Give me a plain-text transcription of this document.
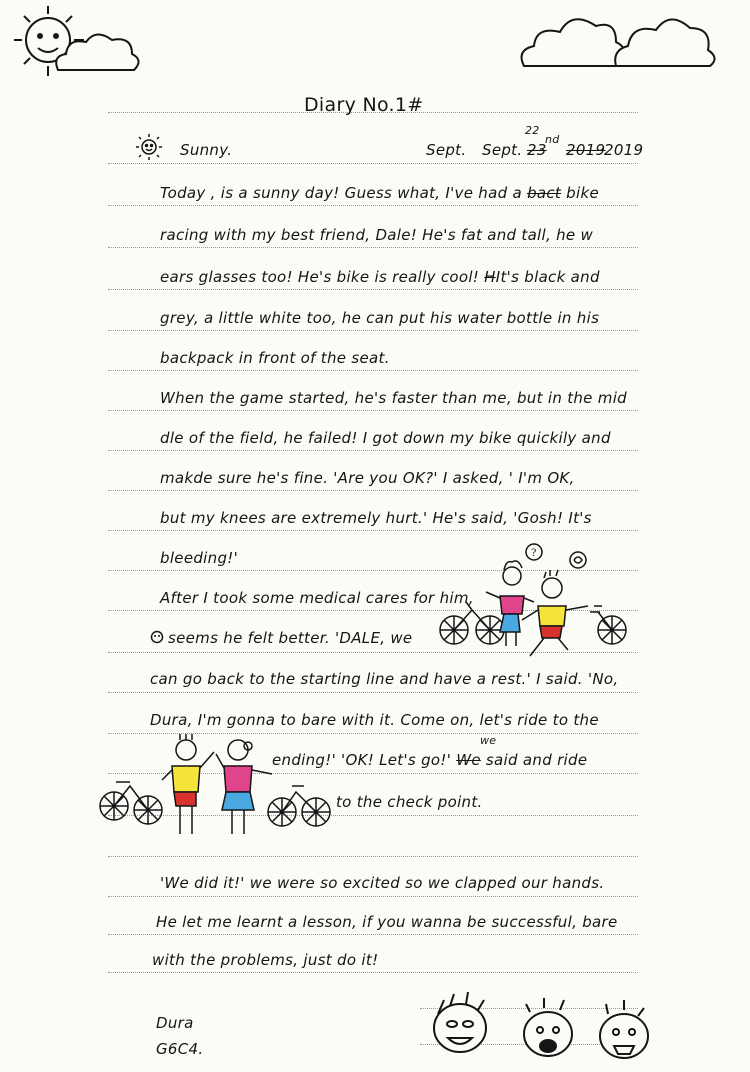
Diary No.1#
Sunny.	Sept. Sept. 23
22
nd
2019
2019
Today , is a sunny day! Guess what, I've had a bact bike
racing with my best friend, Dale! He's fat and tall, he w
ears glasses too! He's bike is really cool! HIt's black and
grey, a little white too, he can put his water bottle in his
backpack in front of the seat.
When the game started, he's faster than me, but in the mid
dle of the field, he failed! I got down my bike quickily and
makde sure he's fine. 'Are you OK?' I asked, ' I'm OK,
but my knees are extremely hurt.' He's said, 'Gosh! It's
bleeding!'
After I took some medical cares for him,
seems he felt better. 'DALE, we
can go back to the starting line and have a rest.' I said. 'No,
Dura, I'm gonna to bare with it. Come on, let's ride to the
ending!' 'OK! Let's go!' We said and ride
we
to the check point.
'We did it!' we were so excited so we clapped our hands.
He let me learnt a lesson, if you wanna be successful, bare
with the problems, just do it!
Dura
G6C4.
?
